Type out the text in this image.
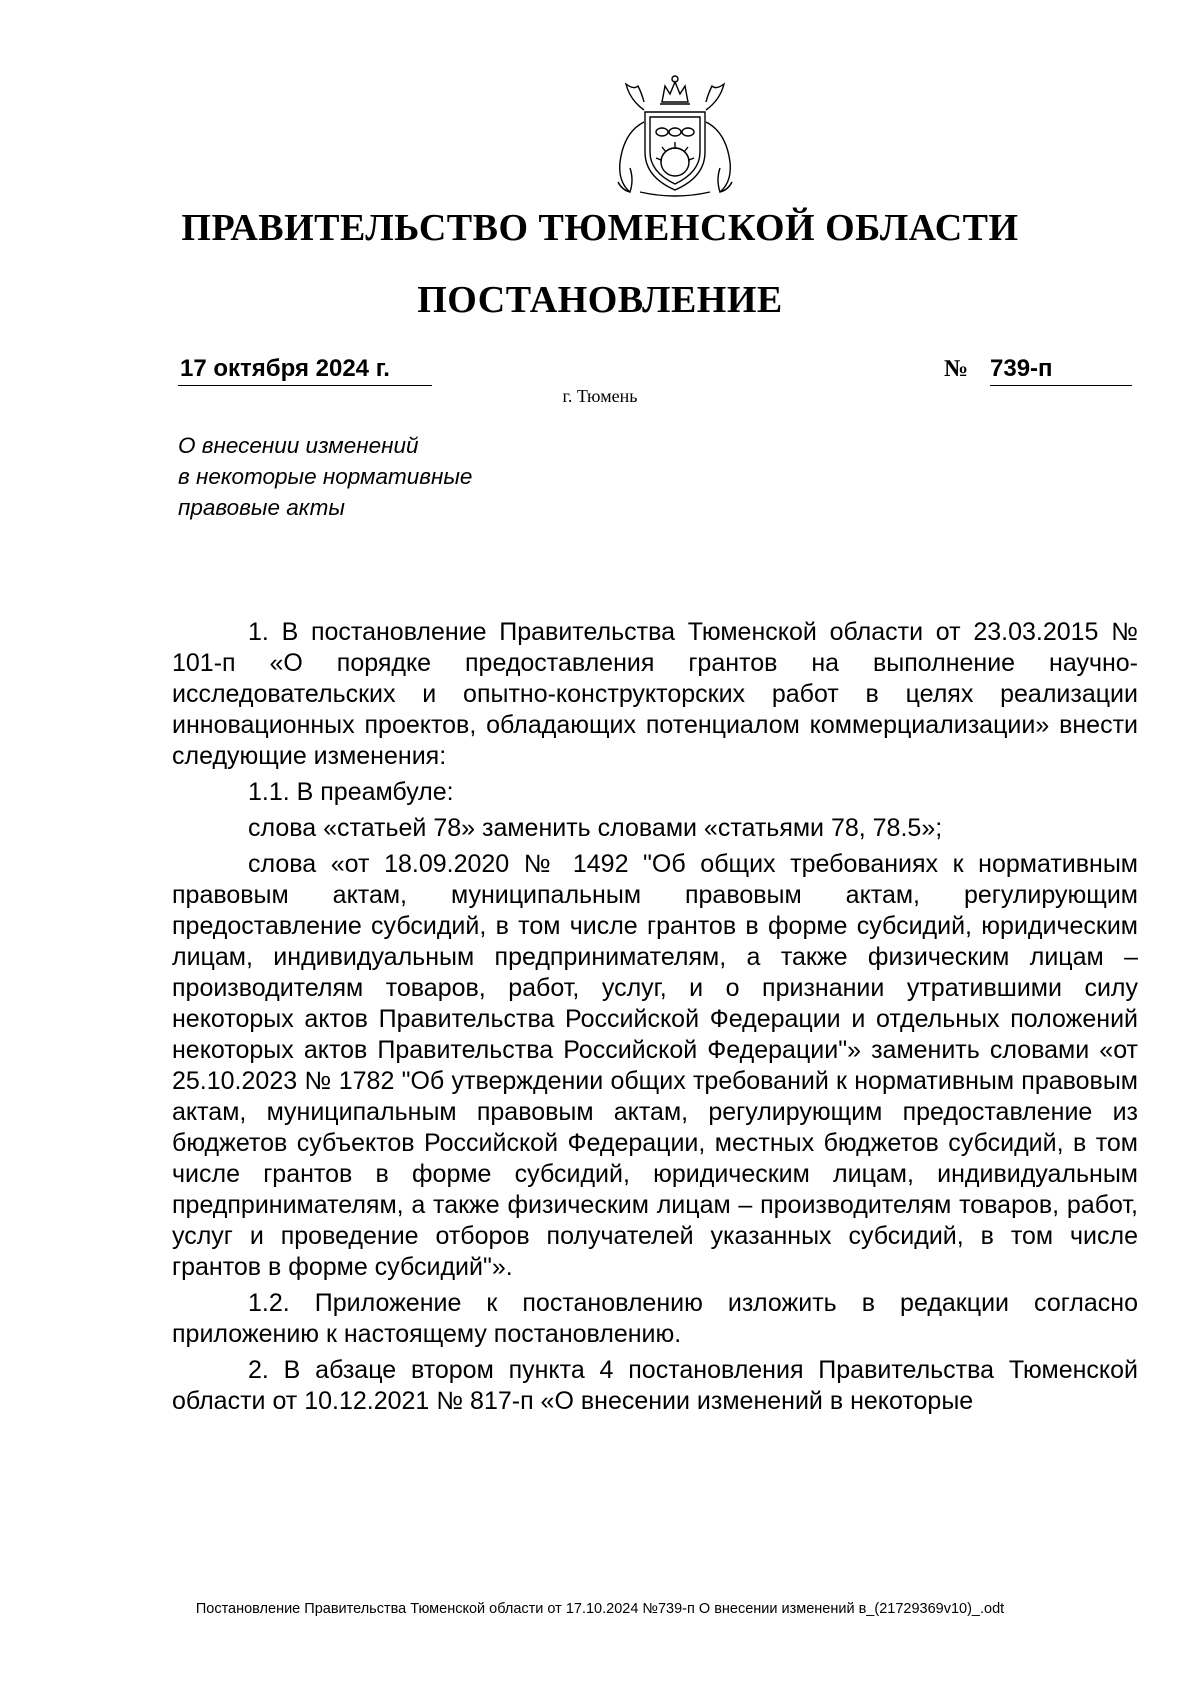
ПРАВИТЕЛЬСТВО ТЮМЕНСКОЙ ОБЛАСТИ
ПОСТАНОВЛЕНИЕ
17 октября 2024 г.	№ 739-п
г. Тюмень
О внесении изменений
в некоторые нормативные
правовые акты

1. В постановление Правительства Тюменской области от 23.03.2015 № 101-п «О порядке предоставления грантов на выполнение научно-исследовательских и опытно-конструкторских работ в целях реализации инновационных проектов, обладающих потенциалом коммерциализации» внести следующие изменения:

1.1. В преамбуле:

слова «статьей 78» заменить словами «статьями 78, 78.5»;

слова «от 18.09.2020 № 1492 "Об общих требованиях к нормативным правовым актам, муниципальным правовым актам, регулирующим предоставление субсидий, в том числе грантов в форме субсидий, юридическим лицам, индивидуальным предпринимателям, а также физическим лицам – производителям товаров, работ, услуг, и о признании утратившими силу некоторых актов Правительства Российской Федерации и отдельных положений некоторых актов Правительства Российской Федерации"» заменить словами «от 25.10.2023 № 1782 "Об утверждении общих требований к нормативным правовым актам, муниципальным правовым актам, регулирующим предоставление из бюджетов субъектов Российской Федерации, местных бюджетов субсидий, в том числе грантов в форме субсидий, юридическим лицам, индивидуальным предпринимателям, а также физическим лицам – производителям товаров, работ, услуг и проведение отборов получателей указанных субсидий, в том числе грантов в форме субсидий"».

1.2. Приложение к постановлению изложить в редакции согласно приложению к настоящему постановлению.

2. В абзаце втором пункта 4 постановления Правительства Тюменской области от 10.12.2021 № 817-п «О внесении изменений в некоторые

Постановление Правительства Тюменской области от 17.10.2024 №739-п О внесении изменений в_(21729369v10)_.odt
